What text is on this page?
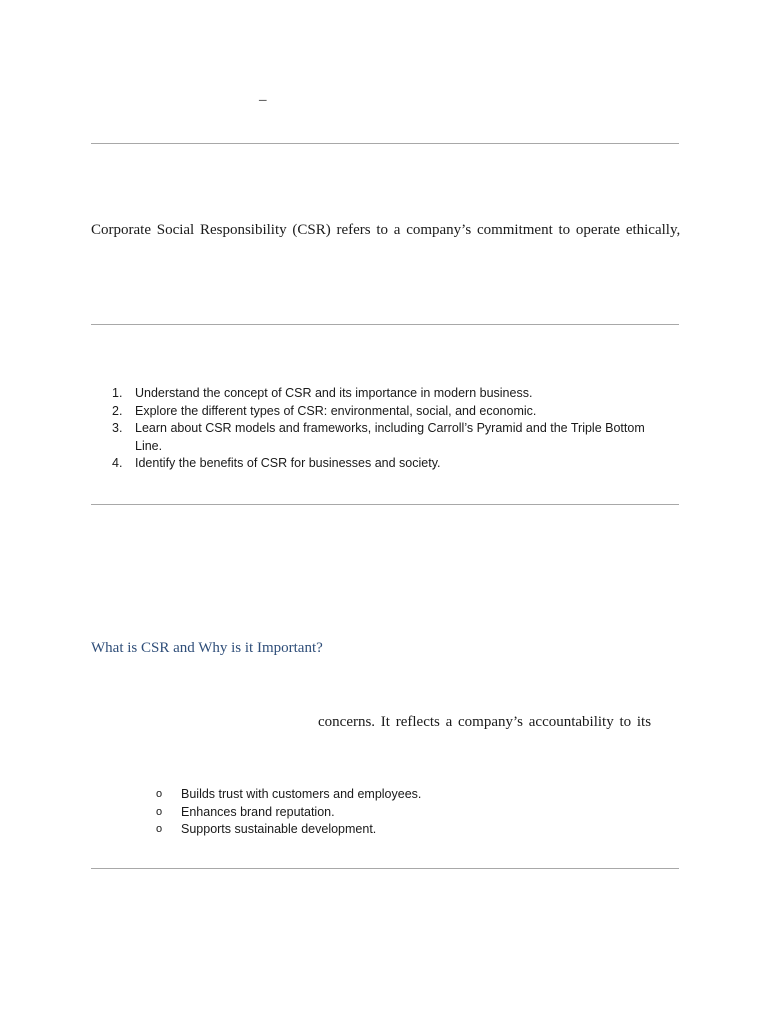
–
Corporate Social Responsibility (CSR) refers to a company’s commitment to operate ethically,
1. Understand the concept of CSR and its importance in modern business.
2. Explore the different types of CSR: environmental, social, and economic.
3. Learn about CSR models and frameworks, including Carroll’s Pyramid and the Triple Bottom Line.
4. Identify the benefits of CSR for businesses and society.
What is CSR and Why is it Important?
concerns. It reflects a company’s accountability to its
o Builds trust with customers and employees.
o Enhances brand reputation.
o Supports sustainable development.
